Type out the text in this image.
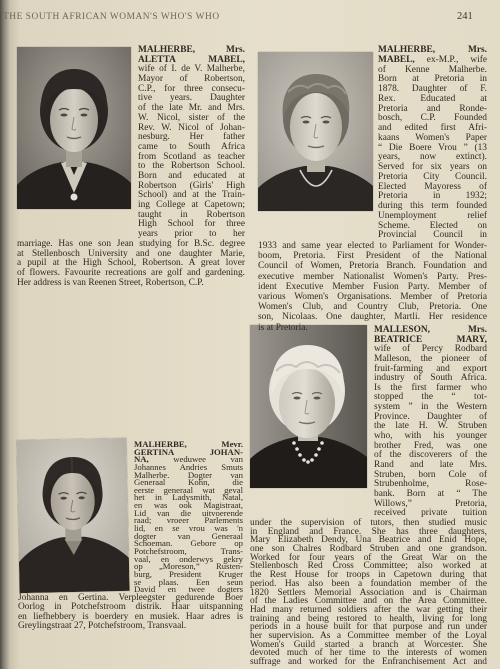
THE SOUTH AFRICAN WOMAN'S WHO'S WHO	241
MALHERBE, Mrs.
ALETTA MABEL,
wife of I. de V. Malherbe,
Mayor of Robertson,
C.P., for three consecu-
tive years. Daughter
of the late Mr. and Mrs.
W. Nicol, sister of the
Rev. W. Nicol of Johan-
nesburg. Her father
came to South Africa
from Scotland as teacher
to the Robertson School.
Born and educated at
Robertson (Girls' High
School) and at the Train-
ing College at Capetown;
taught in Robertson
High School for three
years prior to her
marriage. Has one son Jean studying for B.Sc. degree
at Stellenbosch University and one daughter Marie,
a pupil at the High School, Robertson. A great lover
of flowers. Favourite recreations are golf and gardening.
Her address is van Reenen Street, Robertson, C.P.
MALHERBE, Mrs.
MABEL, ex-M.P., wife
of Kenne Malherbe.
Born at Pretoria in
1878. Daughter of F.
Rex. Educated at
Pretoria and Ronde-
bosch, C.P. Founded
and edited first Afri-
kaans Women's Paper
“ Die Boere Vrou ” (13
years, now extinct).
Served for six years on
Pretoria City Council.
Elected Mayoress of
Pretoria in 1932;
during this term founded
Unemployment relief
Scheme. Elected on
Provincial Council in
1933 and same year elected to Parliament for Wonder-
boom, Pretoria. First President of the National
Council of Women, Pretoria Branch. Foundation and
executive member Nationalist Women's Party. Pres-
ident Executive Member Fusion Party. Member of
various Women's Organisations. Member of Pretoria
Women's Club, and Country Club, Pretoria. One
son, Nicolaas. One daughter, Martli. Her residence
is at Pretoria.	MALLESON, Mrs.
BEATRICE MARY,
wife of Percy Rodbard
Malleson, the pioneer of
fruit-farming and export
industry of South Africa.
Is the first farmer who
stopped the “ tot-
system ” in the Western
Province. Daughter of
the late H. W. Struben
who, with his younger
brother Fred, was one
of the discoverers of the
Rand and late Mrs.
Struben, born Cole of
Strubenholme, Rose-
bank. Born at “ The
Willows,” Pretoria,
received private tuition
under the supervision of tutors, then studied music
in England and France. She has three daughters,
Mary Elizabeth Dendy, Una Beatrice and Enid Hope,
one son Chalres Rodbard Struben and one grandson.
Worked for four years of the Great War on the
Stellenbosch Red Cross Committee; also worked at
the Rest House for troops in Capetown during that
period. Has also been a foundation member of the
1820 Settlers Memorial Association and is Chairman
of the Ladies Committee and on the Area Committee.
Had many returned soldiers after the war getting their
training and being restored to health, living for long
periods in a house built for that purpose and run under
her supervision. As a Committee member of the Loyal
Women's Guild started a branch at Worcester. She
devoted much of her time to the interests of women
suffrage and worked for the Enfranchisement Act and
MALHERBE, Mevr.
GERTINA JOHAN-
NA,	weduwee van
Johannes Andries Smuts
Malherbe. Dogter van
Generaal Kohn, die
eerste generaal wat geval
het in Ladysmith, Natal,
en was ook Magistraat,
Lid van die uitvoerende
raad; vroeer Parlements
lid, en se vrou was 'n
dogter van Generaal
Schoeman. Gebore op
Potchefstroom, Trans-
vaal, en onderwys gekry
op „Moreson,” Rusten-
burg, President Kruger
se plaas. Een seun
David en twee dogters
Johanna en Gertina. Verpleegster gedurende Boer
Oorlog in Potchefstroom distrik. Haar uitspanning
en liefhebbery is boerdery en musiek. Haar adres is
Greylingstraat 27, Potchefstroom, Transvaal.
